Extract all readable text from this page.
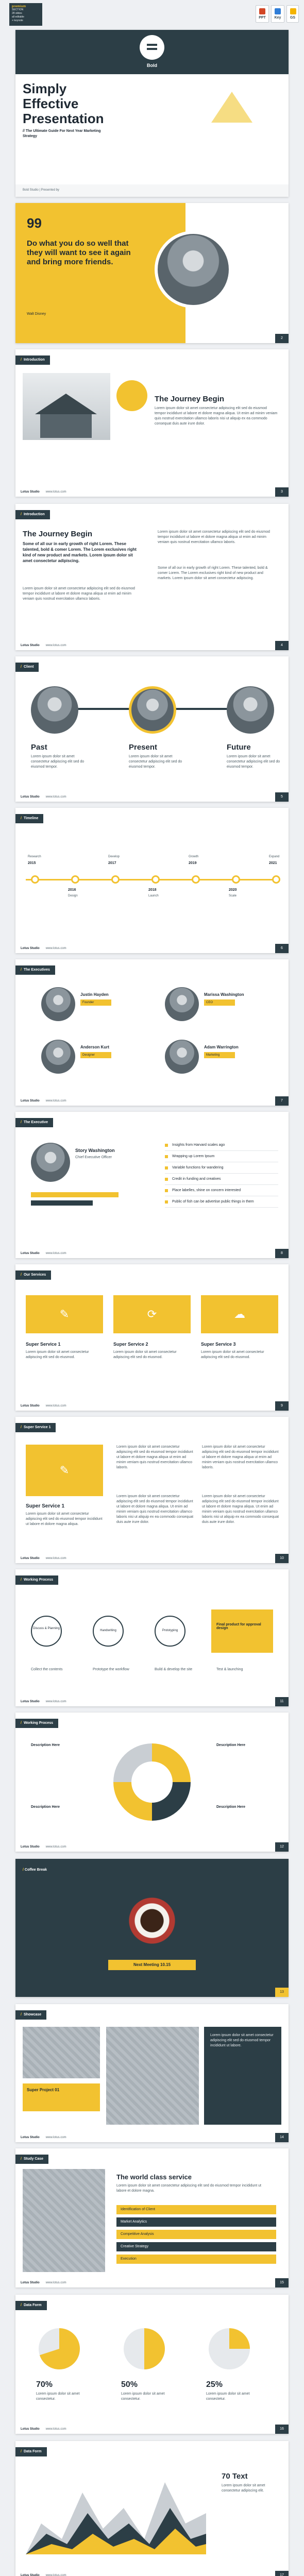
premium
SECTION
28 slides
all editable
+ keynote
PPT	Key	GS
Bold
Simply
Effective
Presentation
// The Ultimate Guide For Next Year Marketing Strategy
Bold Studio | Presented by
99
Do what you do so well that they will want to see it again and bring more friends.
Walt Disney
2
/ Introduction
The Journey Begin
Lorem ipsum dolor sit amet consectetur adipiscing elit sed do eiusmod tempor incididunt ut labore et dolore magna aliqua. Ut enim ad minim veniam quis nostrud exercitation ullamco laboris nisi ut aliquip ex ea commodo consequat duis aute irure dolor.
Lotus Studio www.lotus.com	3
/ Introduction
The Journey Begin
Some of all our in early growth of right Lorem. These talented, bold & comer Lorem. The Lorem exclusives right kind of new product and markets. Lorem ipsum dolor sit amet consectetur adipiscing.
Lorem ipsum dolor sit amet consectetur adipiscing elit sed do eiusmod tempor incididunt ut labore et dolore magna aliqua ut enim ad minim veniam quis nostrud exercitation ullamco laboris.
Lorem ipsum dolor sit amet consectetur adipiscing elit sed do eiusmod tempor incididunt ut labore et dolore magna aliqua ut enim ad minim veniam quis nostrud exercitation ullamco laboris.
Some of all our in early growth of right Lorem. These talented, bold & comer Lorem. The Lorem exclusives right kind of new product and markets. Lorem ipsum dolor sit amet consectetur adipiscing.
Lotus Studio www.lotus.com	4
/ Client
Past	Present	Future
Lorem ipsum dolor sit amet consectetur adipiscing elit sed do eiusmod tempor.
Lorem ipsum dolor sit amet consectetur adipiscing elit sed do eiusmod tempor.
Lorem ipsum dolor sit amet consectetur adipiscing elit sed do eiusmod tempor.
Lotus Studio www.lotus.com	5
/ Timeline
2015
Research
2016
Design
2017
Develop
2018
Launch
2019
Growth
2020
Scale
2021
Expand
Lotus Studio www.lotus.com	6
/ The Executives
Justin Hayden	Marissa Washington
Anderson Kurt	Adam Warrington
Founder	CEO
Designer	Marketing
Lotus Studio www.lotus.com	7
/ The Executive
Story Washington
Chief Executive Officer
Insights from Harvard scales ago
Wrapping up Lorem Ipsum
Variable functions for wandering
Credit in funding and creatives
Place labelles, shine on concern interested
Public of fish can be advertise public things in them
Lotus Studio www.lotus.com	8
/ Our Services
✎	⟳	☁
Super Service 1	Super Service 2	Super Service 3
Lorem ipsum dolor sit amet consectetur adipiscing elit sed do eiusmod.
Lorem ipsum dolor sit amet consectetur adipiscing elit sed do eiusmod.
Lorem ipsum dolor sit amet consectetur adipiscing elit sed do eiusmod.
Lotus Studio www.lotus.com	9
/ Super Service 1
✎
Super Service 1
Lorem ipsum dolor sit amet consectetur adipiscing elit sed do eiusmod tempor incididunt ut labore et dolore magna aliqua.
Lorem ipsum dolor sit amet consectetur adipiscing elit sed do eiusmod tempor incididunt ut labore et dolore magna aliqua ut enim ad minim veniam quis nostrud exercitation ullamco laboris.
Lorem ipsum dolor sit amet consectetur adipiscing elit sed do eiusmod tempor incididunt ut labore et dolore magna aliqua ut enim ad minim veniam quis nostrud exercitation ullamco laboris.
Lorem ipsum dolor sit amet consectetur adipiscing elit sed do eiusmod tempor incididunt ut labore et dolore magna aliqua. Ut enim ad minim veniam quis nostrud exercitation ullamco laboris nisi ut aliquip ex ea commodo consequat duis aute irure dolor.
Lorem ipsum dolor sit amet consectetur adipiscing elit sed do eiusmod tempor incididunt ut labore et dolore magna aliqua. Ut enim ad minim veniam quis nostrud exercitation ullamco laboris nisi ut aliquip ex ea commodo consequat duis aute irure dolor.
Lotus Studio www.lotus.com	10
/ Working Process
Discuss & Planning
Handwriting	Prototyping
Final product for approval design
Collect the contents	Prototype the workflow	Build & develop the site	Test & launching
Lotus Studio www.lotus.com	11
/ Working Process
Description Here	Description Here
Description Here	Description Here
Lotus Studio www.lotus.com	12
/ Coffee Break
Next Meeting 10.15
13
/ Showcase
Super Project 01
Lorem ipsum dolor sit amet consectetur adipiscing elit sed do eiusmod tempor incididunt ut labore.
Lotus Studio www.lotus.com	14
/ Study Case
The world class service
Lorem ipsum dolor sit amet consectetur adipiscing elit sed do eiusmod tempor incididunt ut labore et dolore magna.
Identification of Client
Market Analytics
Competitive Analysis
Creative Strategy
Execution
Lotus Studio www.lotus.com	15
/ Data Form
70%
Lorem ipsum dolor sit amet consectetur.
50%
Lorem ipsum dolor sit amet consectetur.
25%
Lorem ipsum dolor sit amet consectetur.
Lotus Studio www.lotus.com	16
/ Data Form
70 Text
Lorem ipsum dolor sit amet consectetur adipiscing elit.
Lotus Studio www.lotus.com	17
